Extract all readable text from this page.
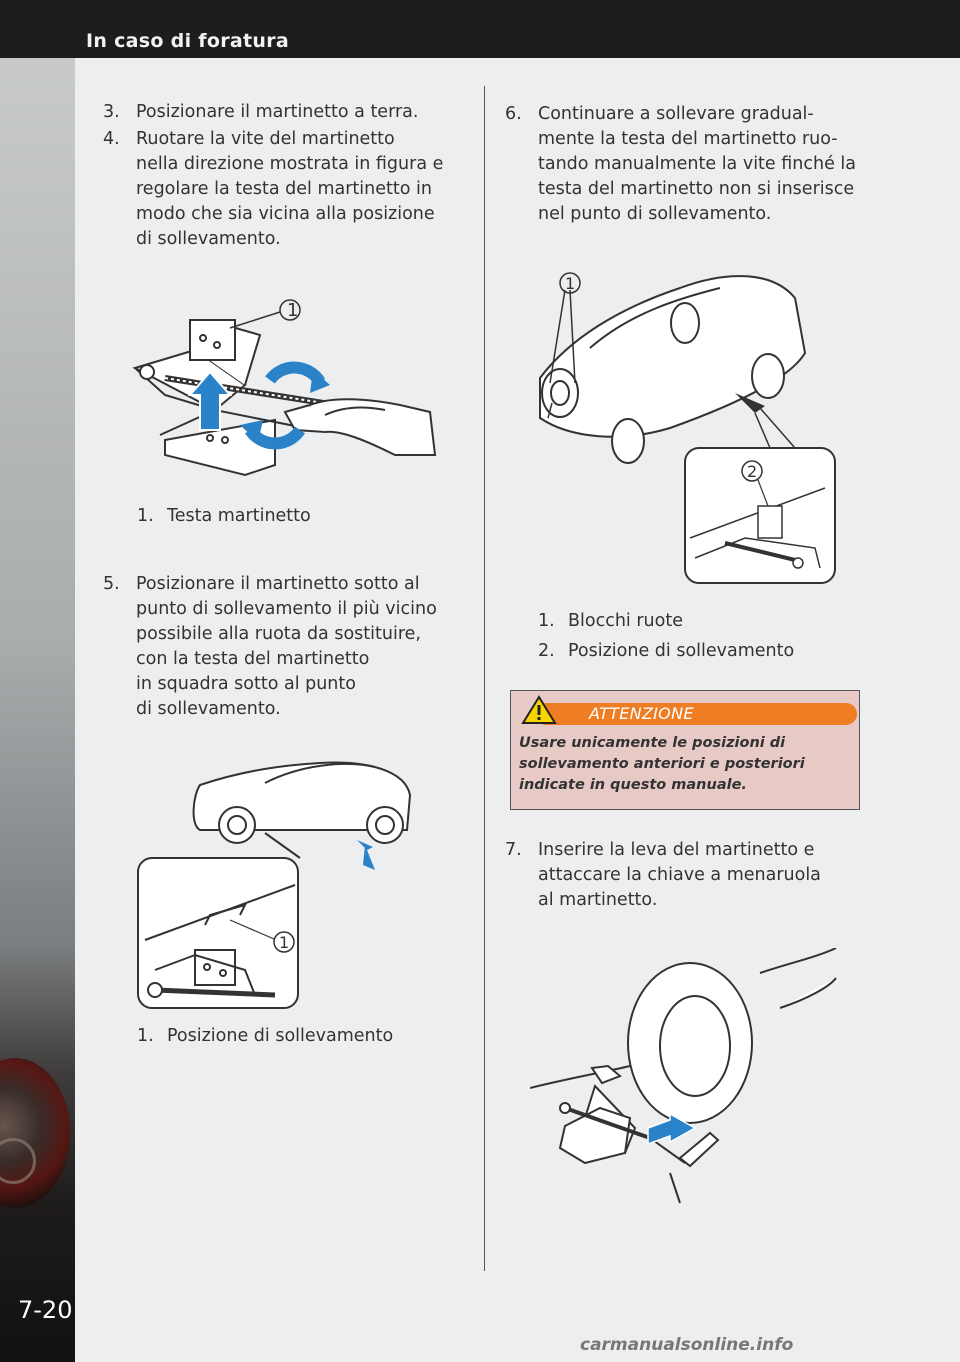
In caso di foratura
7-20
3. Posizionare il martinetto a terra.
4. Ruotare la vite del martinetto
nella direzione mostrata in figura e
regolare la testa del martinetto in
modo che sia vicina alla posizione
di sollevamento.
1
1. Testa martinetto
5. Posizionare il martinetto sotto al
punto di sollevamento il più vicino
possibile alla ruota da sostituire,
con la testa del martinetto
in squadra sotto al punto
di sollevamento.
1
1. Posizione di sollevamento
6. Continuare a sollevare gradual-
mente la testa del martinetto ruo-
tando manualmente la vite finché la
testa del martinetto non si inserisce
nel punto di sollevamento.
1
2
1. Blocchi ruote
2. Posizione di sollevamento
ATTENZIONE
Usare unicamente le posizioni di
sollevamento anteriori e posteriori
indicate in questo manuale.
7. Inserire la leva del martinetto e
attaccare la chiave a menaruola
al martinetto.
carmanualsonline.info
